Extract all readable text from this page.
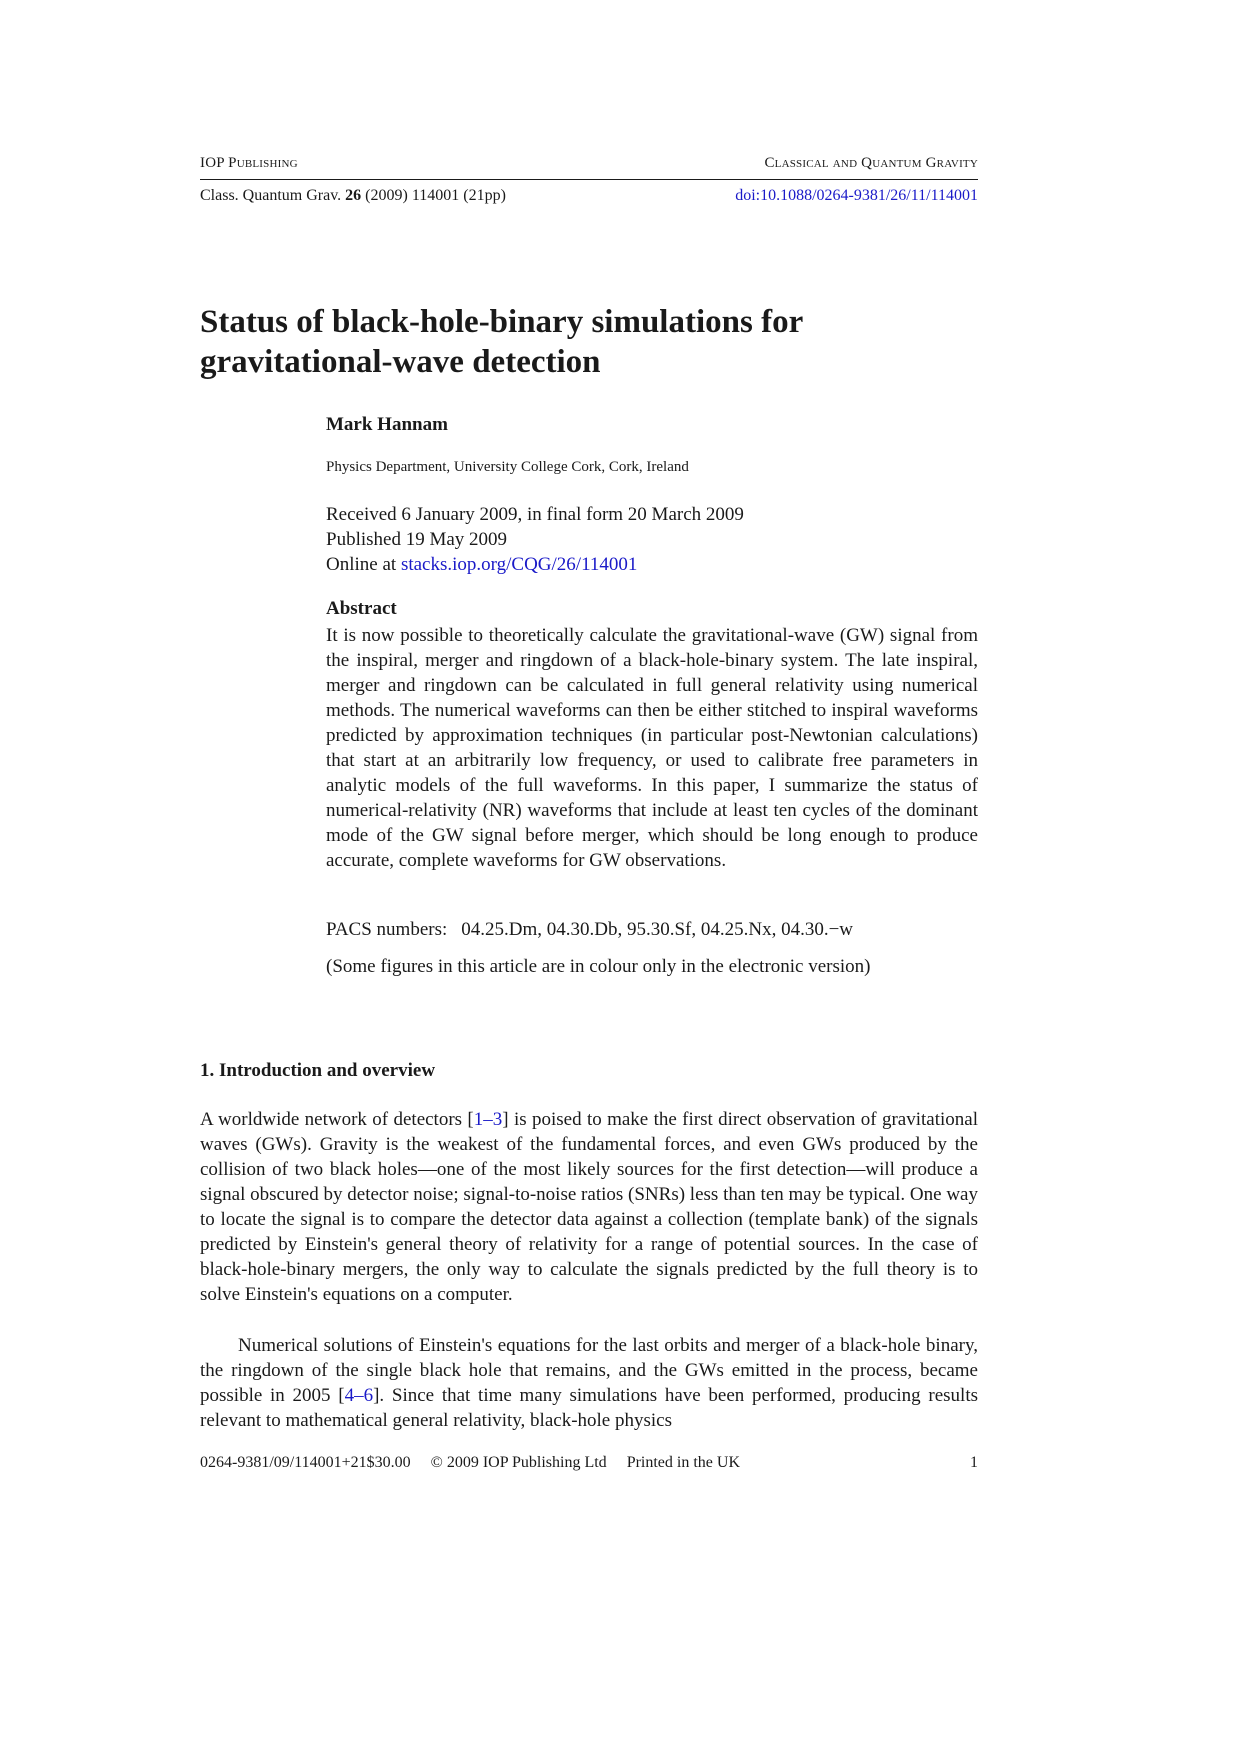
IOP Publishing	Classical and Quantum Gravity
Class. Quantum Grav. 26 (2009) 114001 (21pp)	doi:10.1088/0264-9381/26/11/114001
Status of black-hole-binary simulations for
gravitational-wave detection
Mark Hannam
Physics Department, University College Cork, Cork, Ireland
Received 6 January 2009, in final form 20 March 2009
Published 19 May 2009
Online at stacks.iop.org/CQG/26/114001
Abstract
It is now possible to theoretically calculate the gravitational-wave (GW) signal from the inspiral, merger and ringdown of a black-hole-binary system. The late inspiral, merger and ringdown can be calculated in full general relativity using numerical methods. The numerical waveforms can then be either stitched to inspiral waveforms predicted by approximation techniques (in particular post-Newtonian calculations) that start at an arbitrarily low frequency, or used to calibrate free parameters in analytic models of the full waveforms. In this paper, I summarize the status of numerical-relativity (NR) waveforms that include at least ten cycles of the dominant mode of the GW signal before merger, which should be long enough to produce accurate, complete waveforms for GW observations.
PACS numbers: 04.25.Dm, 04.30.Db, 95.30.Sf, 04.25.Nx, 04.30.−w
(Some figures in this article are in colour only in the electronic version)
1. Introduction and overview

A worldwide network of detectors [1–3] is poised to make the first direct observation of gravitational waves (GWs). Gravity is the weakest of the fundamental forces, and even GWs produced by the collision of two black holes—one of the most likely sources for the first detection—will produce a signal obscured by detector noise; signal-to-noise ratios (SNRs) less than ten may be typical. One way to locate the signal is to compare the detector data against a collection (template bank) of the signals predicted by Einstein's general theory of relativity for a range of potential sources. In the case of black-hole-binary mergers, the only way to calculate the signals predicted by the full theory is to solve Einstein's equations on a computer.

Numerical solutions of Einstein's equations for the last orbits and merger of a black-hole binary, the ringdown of the single black hole that remains, and the GWs emitted in the process, became possible in 2005 [4–6]. Since that time many simulations have been performed, producing results relevant to mathematical general relativity, black-hole physics

0264-9381/09/114001+21$30.00 © 2009 IOP Publishing Ltd Printed in the UK	1
